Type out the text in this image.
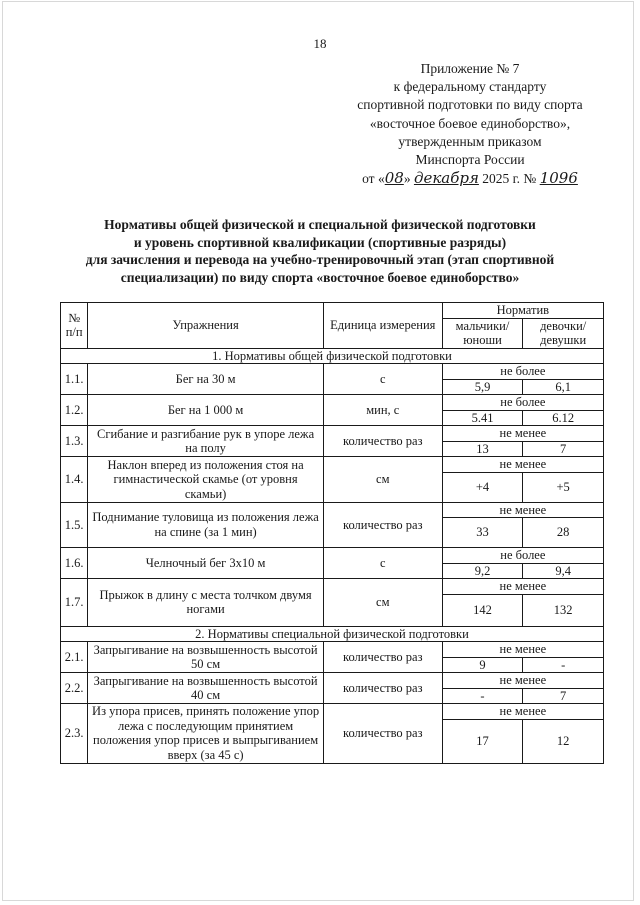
18
Приложение № 7
к федеральному стандарту
спортивной подготовки по виду спорта
«восточное боевое единоборство»,
утвержденным приказом
Минспорта России
от «08» декабря 2025 г. № 1096
Нормативы общей физической и специальной физической подготовки
и уровень спортивной квалификации (спортивные разряды)
для зачисления и перевода на учебно-тренировочный этап (этап спортивной
специализации) по виду спорта «восточное боевое единоборство»
№ п/п	Упражнения	Единица измерения	Норматив	
			мальчики/ юноши	девочки/ девушки
1. Нормативы общей физической подготовки				
1.1.	Бег на 30 м	с	не более	
			5,9	6,1
1.2.	Бег на 1 000 м	мин, с	не более	
			5.41	6.12
1.3.	Сгибание и разгибание рук в упоре лежа на полу	количество раз	не менее	
			13	7
1.4.	Наклон вперед из положения стоя на гимнастической скамье (от уровня скамьи)	см	не менее	
			+4	+5
1.5.	Поднимание туловища из положения лежа на спине (за 1 мин)	количество раз	не менее	
			33	28
1.6.	Челночный бег 3х10 м	с	не более	
			9,2	9,4
1.7.	Прыжок в длину с места толчком двумя ногами	см	не менее	
			142	132
2. Нормативы специальной физической подготовки				
2.1.	Запрыгивание на возвышенность высотой 50 см	количество раз	не менее	
			9	-
2.2.	Запрыгивание на возвышенность высотой 40 см	количество раз	не менее	
			-	7
2.3.	Из упора присев, принять положение упор лежа с последующим принятием положения упор присев и выпрыгиванием вверх (за 45 с)	количество раз	не менее	
			17	12
